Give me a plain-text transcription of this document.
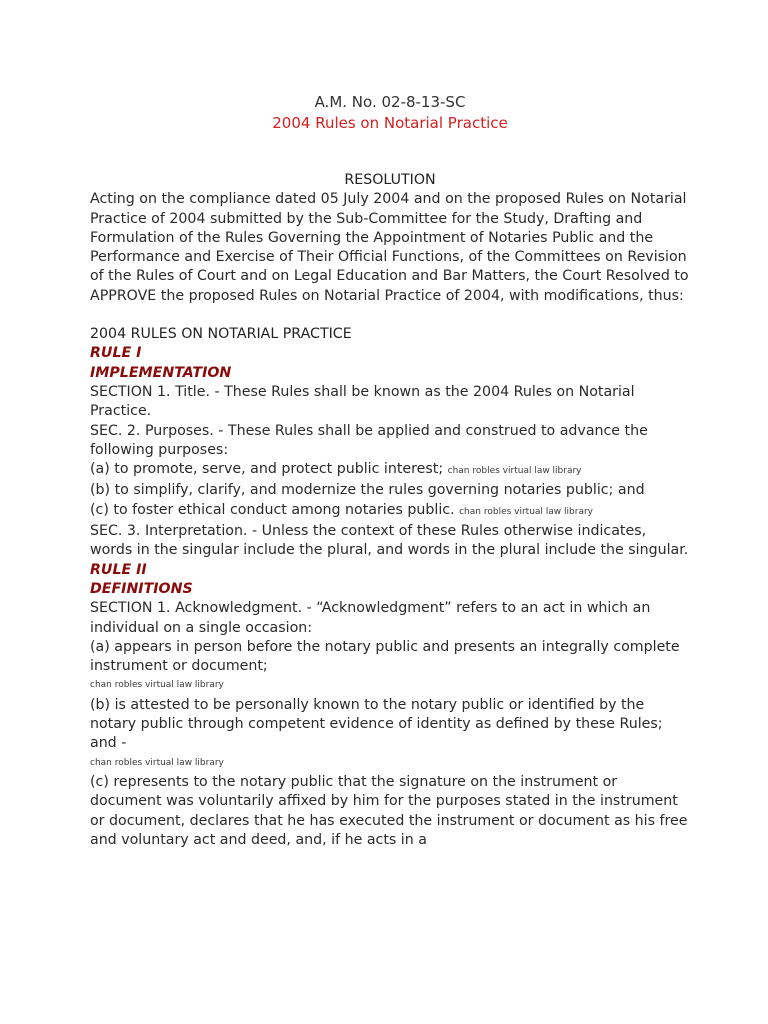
A.M. No. 02-8-13-SC
2004 Rules on Notarial Practice
RESOLUTION

Acting on the compliance dated 05 July 2004 and on the proposed Rules on Notarial Practice of 2004 submitted by the Sub-Committee for the Study, Drafting and Formulation of the Rules Governing the Appointment of Notaries Public and the Performance and Exercise of Their Official Functions, of the Committees on Revision of the Rules of Court and on Legal Education and Bar Matters, the Court Resolved to APPROVE the proposed Rules on Notarial Practice of 2004, with modifications, thus:

2004 RULES ON NOTARIAL PRACTICE
RULE I
IMPLEMENTATION

SECTION 1. Title. - These Rules shall be known as the 2004 Rules on Notarial Practice.

SEC. 2. Purposes. - These Rules shall be applied and construed to advance the following purposes:

(a) to promote, serve, and protect public interest; chan robles virtual law library

(b) to simplify, clarify, and modernize the rules governing notaries public; and

(c) to foster ethical conduct among notaries public. chan robles virtual law library

SEC. 3. Interpretation. - Unless the context of these Rules otherwise indicates, words in the singular include the plural, and words in the plural include the singular.

RULE II
DEFINITIONS

SECTION 1. Acknowledgment. - “Acknowledgment” refers to an act in which an individual on a single occasion:

(a) appears in person before the notary public and presents an integrally complete instrument or document;

chan robles virtual law library

(b) is attested to be personally known to the notary public or identified by the notary public through competent evidence of identity as defined by these Rules; and -

chan robles virtual law library

(c) represents to the notary public that the signature on the instrument or document was voluntarily affixed by him for the purposes stated in the instrument or document, declares that he has executed the instrument or document as his free and voluntary act and deed, and, if he acts in a
